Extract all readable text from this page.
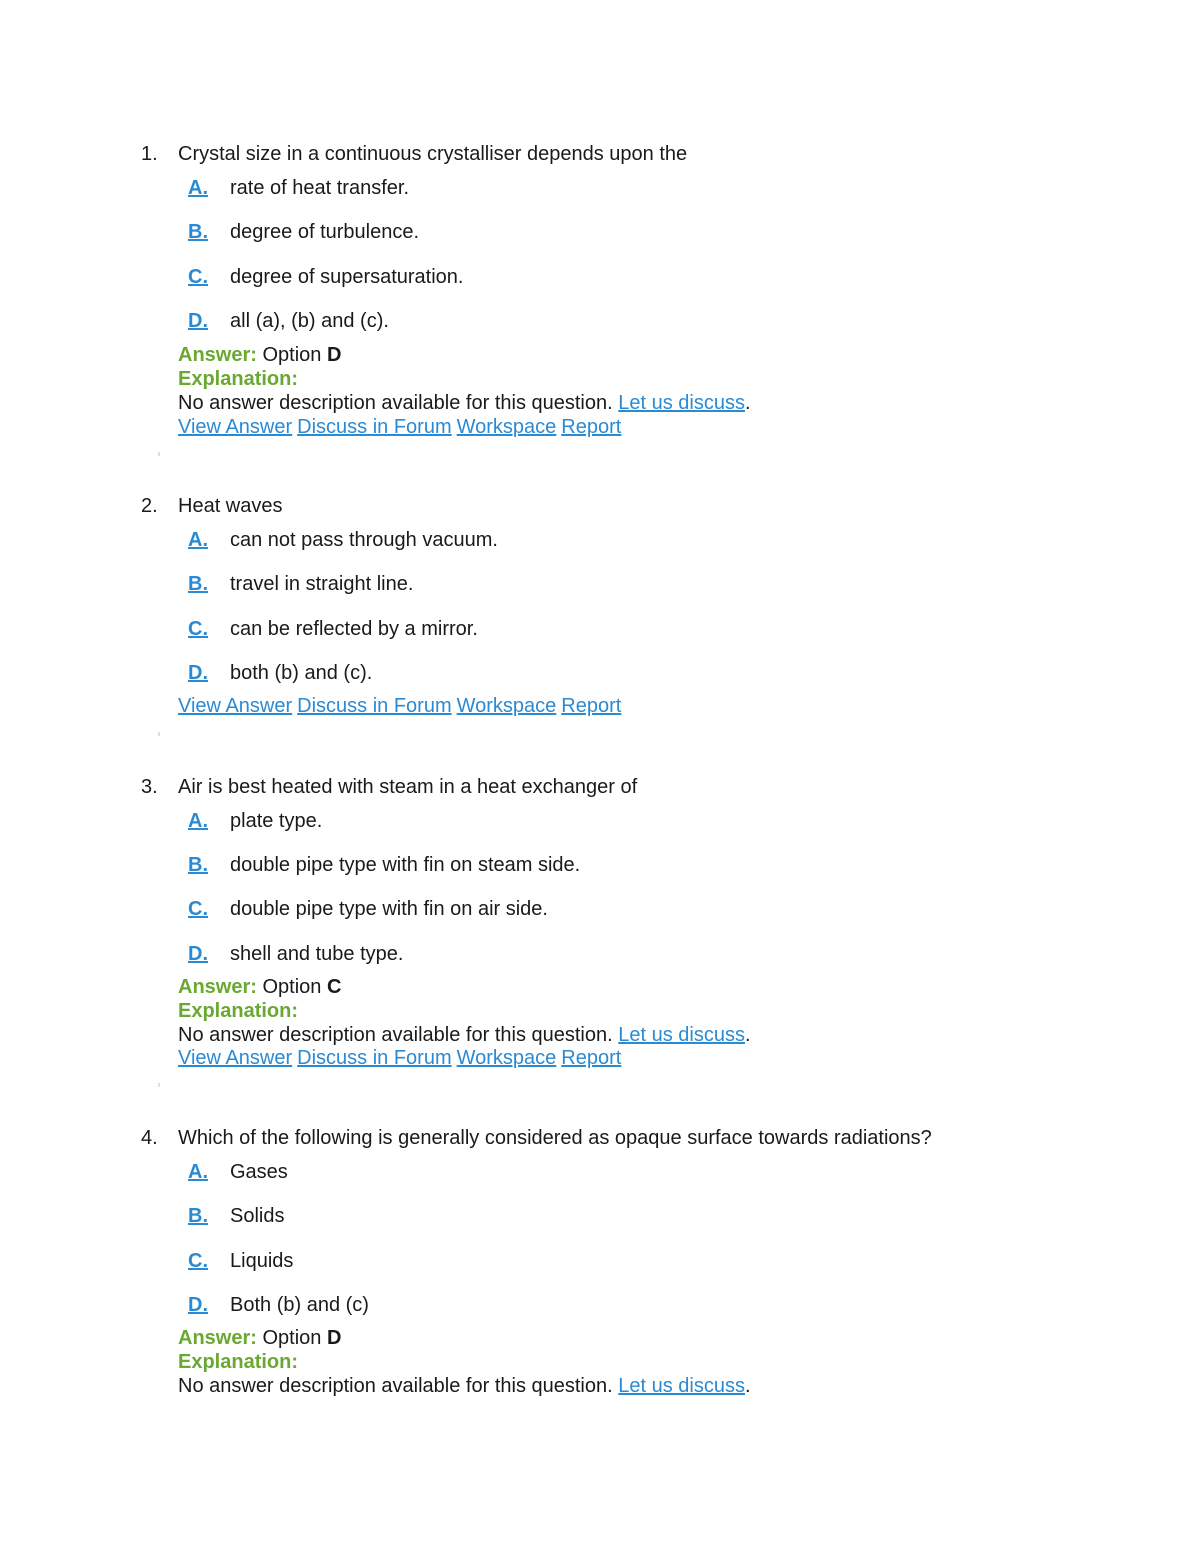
1. Crystal size in a continuous crystalliser depends upon the
A. rate of heat transfer.
B. degree of turbulence.
C. degree of supersaturation.
D. all (a), (b) and (c).
Answer: Option D
Explanation:
No answer description available for this question. Let us discuss.
View Answer Discuss in Forum Workspace Report
2. Heat waves
A. can not pass through vacuum.
B. travel in straight line.
C. can be reflected by a mirror.
D. both (b) and (c).
View Answer Discuss in Forum Workspace Report
3. Air is best heated with steam in a heat exchanger of
A. plate type.
B. double pipe type with fin on steam side.
C. double pipe type with fin on air side.
D. shell and tube type.
Answer: Option C
Explanation:
No answer description available for this question. Let us discuss.
View Answer Discuss in Forum Workspace Report
4. Which of the following is generally considered as opaque surface towards radiations?
A. Gases
B. Solids
C. Liquids
D. Both (b) and (c)
Answer: Option D
Explanation:
No answer description available for this question. Let us discuss.
